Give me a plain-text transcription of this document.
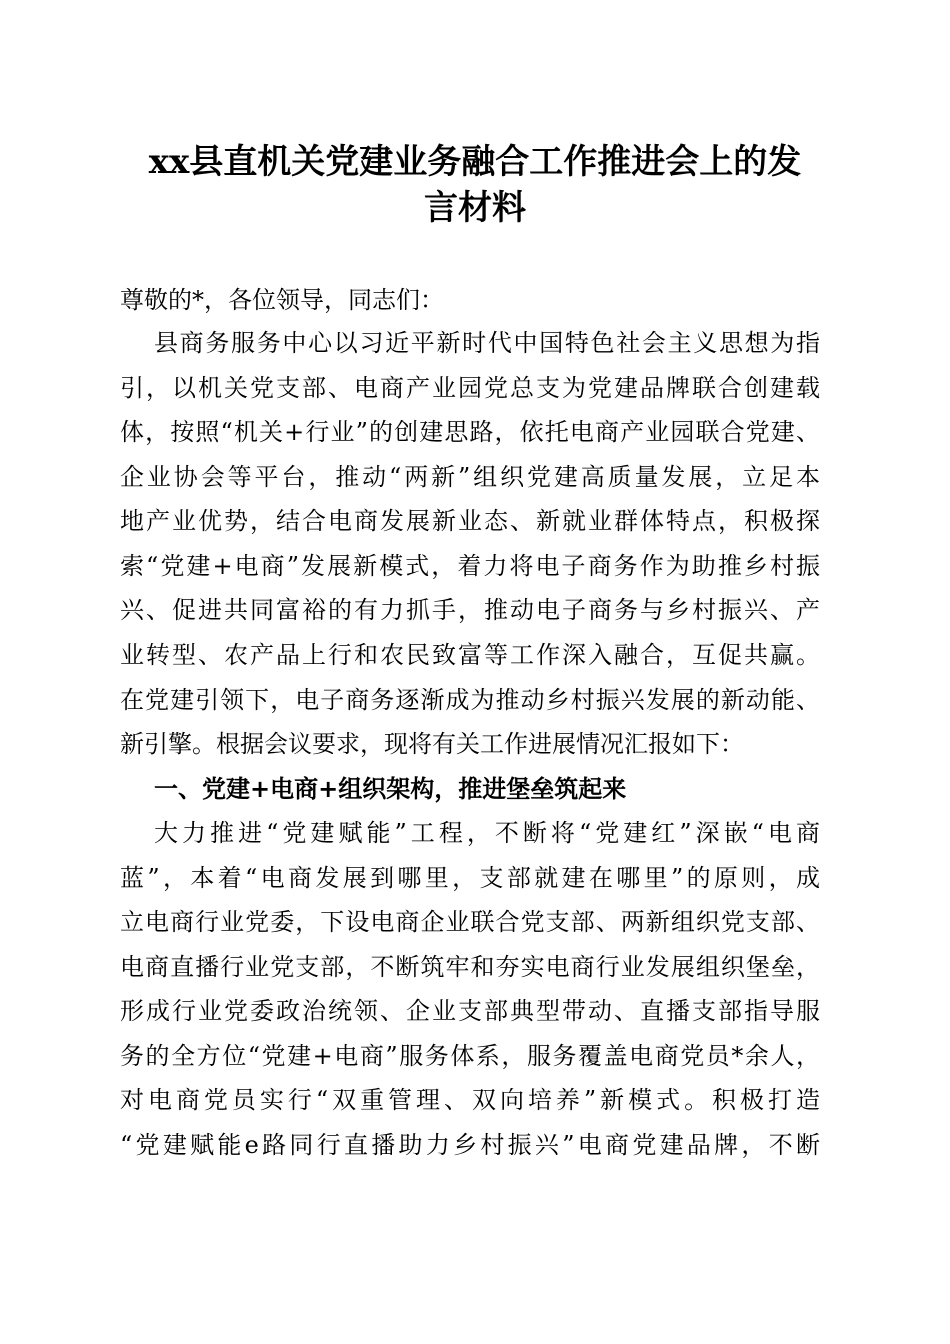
xx县直机关党建业务融合工作推进会上的发
言材料
尊敬的*，各位领导，同志们：
县商务服务中心以习近平新时代中国特色社会主义思想为指
引，以机关党支部、电商产业园党总支为党建品牌联合创建载
体，按照“机关+行业”的创建思路，依托电商产业园联合党建、
企业协会等平台，推动“两新”组织党建高质量发展，立足本
地产业优势，结合电商发展新业态、新就业群体特点，积极探
索“党建+电商”发展新模式，着力将电子商务作为助推乡村振
兴、促进共同富裕的有力抓手，推动电子商务与乡村振兴、产
业转型、农产品上行和农民致富等工作深入融合，互促共赢。
在党建引领下，电子商务逐渐成为推动乡村振兴发展的新动能、
新引擎。根据会议要求，现将有关工作进展情况汇报如下：
一、党建+电商+组织架构，推进堡垒筑起来
大力推进“党建赋能”工程，不断将“党建红”深嵌“电商
蓝”，本着“电商发展到哪里，支部就建在哪里”的原则，成
立电商行业党委，下设电商企业联合党支部、两新组织党支部、
电商直播行业党支部，不断筑牢和夯实电商行业发展组织堡垒，
形成行业党委政治统领、企业支部典型带动、直播支部指导服
务的全方位“党建+电商”服务体系，服务覆盖电商党员*余人，
对电商党员实行“双重管理、双向培养”新模式。积极打造
“党建赋能e路同行直播助力乡村振兴”电商党建品牌，不断
